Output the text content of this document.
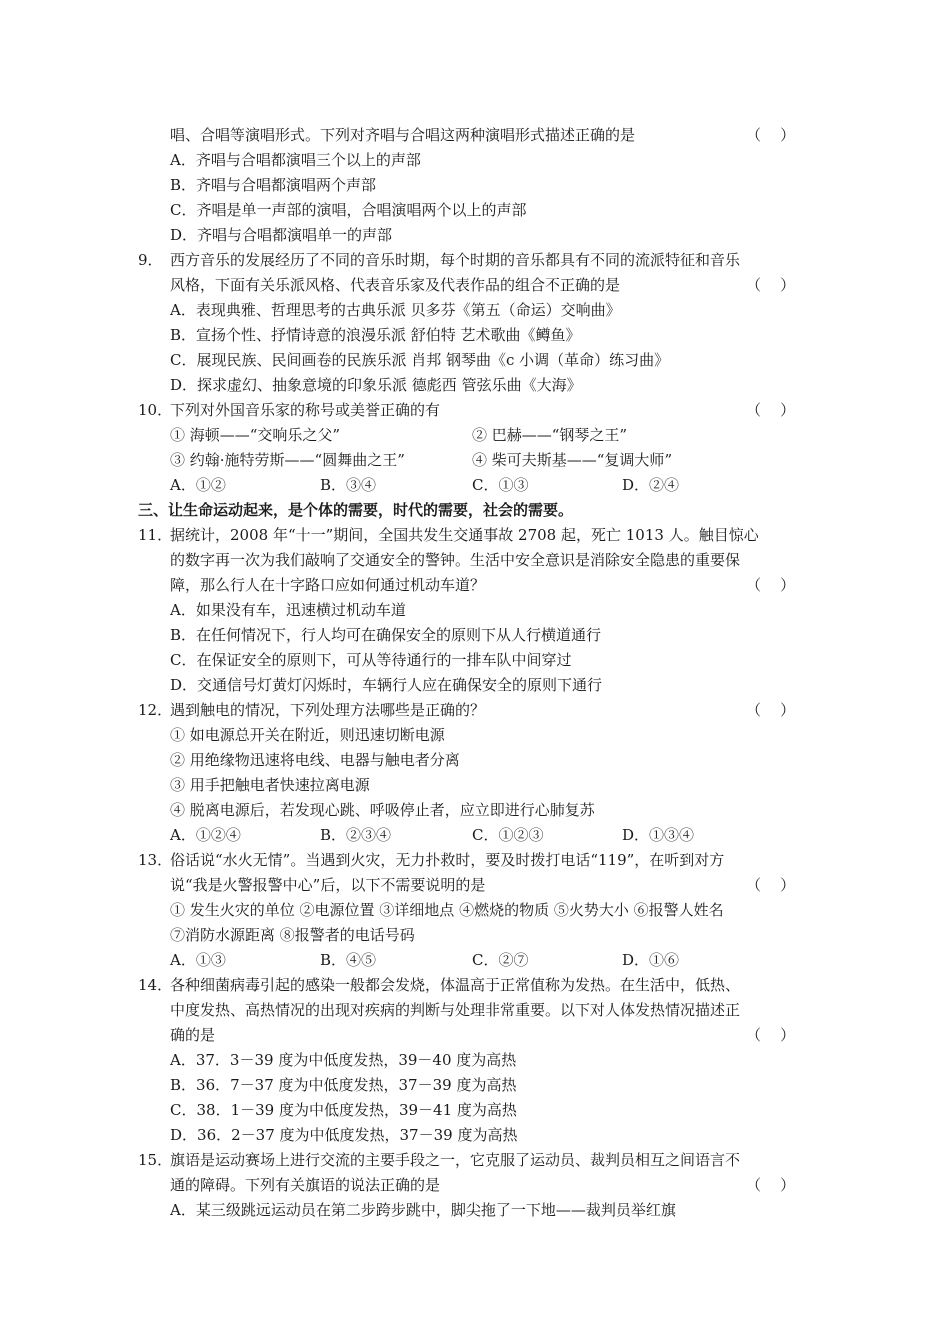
唱、合唱等演唱形式。下列对齐唱与合唱这两种演唱形式描述正确的是	（    ）
A．齐唱与合唱都演唱三个以上的声部
B．齐唱与合唱都演唱两个声部
C．齐唱是单一声部的演唱，合唱演唱两个以上的声部
D．齐唱与合唱都演唱单一的声部
9． 西方音乐的发展经历了不同的音乐时期，每个时期的音乐都具有不同的流派特征和音乐
风格，下面有关乐派风格、代表音乐家及代表作品的组合不正确的是	（    ）
A．表现典雅、哲理思考的古典乐派 贝多芬《第五（命运）交响曲》
B．宣扬个性、抒情诗意的浪漫乐派 舒伯特 艺术歌曲《鳟鱼》
C．展现民族、民间画卷的民族乐派 肖邦 钢琴曲《c 小调（革命）练习曲》
D．探求虚幻、抽象意境的印象乐派 德彪西 管弦乐曲《大海》
10．
下列对外国音乐家的称号或美誉正确的有	（    ）
① 海顿——“交响乐之父”	② 巴赫——“钢琴之王”
③ 约翰·施特劳斯——“圆舞曲之王”	④ 柴可夫斯基——“复调大师”
A．①②	B．③④	C．①③	D．②④
三、让生命运动起来，是个体的需要，时代的需要，社会的需要。
11．
据统计，2008 年“十一”期间，全国共发生交通事故 2708 起，死亡 1013 人。触目惊心
的数字再一次为我们敲响了交通安全的警钟。生活中安全意识是消除安全隐患的重要保
障，那么行人在十字路口应如何通过机动车道？	（    ）
A．如果没有车，迅速横过机动车道
B．在任何情况下，行人均可在确保安全的原则下从人行横道通行
C．在保证安全的原则下，可从等待通行的一排车队中间穿过
D．交通信号灯黄灯闪烁时，车辆行人应在确保安全的原则下通行
12．
遇到触电的情况，下列处理方法哪些是正确的？	（    ）
① 如电源总开关在附近，则迅速切断电源
② 用绝缘物迅速将电线、电器与触电者分离
③ 用手把触电者快速拉离电源
④ 脱离电源后，若发现心跳、呼吸停止者，应立即进行心肺复苏
A．①②④	B．②③④	C．①②③	D．①③④
13．
俗话说“水火无情”。当遇到火灾，无力扑救时，要及时拨打电话“119”，在听到对方
说“我是火警报警中心”后，以下不需要说明的是	（    ）
① 发生火灾的单位 ②电源位置 ③详细地点 ④燃烧的物质 ⑤火势大小 ⑥报警人姓名
⑦消防水源距离 ⑧报警者的电话号码
A．①③	B．④⑤	C．②⑦	D．①⑥
14．
各种细菌病毒引起的感染一般都会发烧，体温高于正常值称为发热。在生活中，低热、
中度发热、高热情况的出现对疾病的判断与处理非常重要。以下对人体发热情况描述正
确的是	（    ）
A．37．3－39 度为中低度发热，39－40 度为高热
B．36．7－37 度为中低度发热，37－39 度为高热
C．38．1－39 度为中低度发热，39－41 度为高热
D．36．2－37 度为中低度发热，37－39 度为高热
15．
旗语是运动赛场上进行交流的主要手段之一，它克服了运动员、裁判员相互之间语言不
通的障碍。下列有关旗语的说法正确的是	（    ）
A．某三级跳远运动员在第二步跨步跳中，脚尖拖了一下地——裁判员举红旗
